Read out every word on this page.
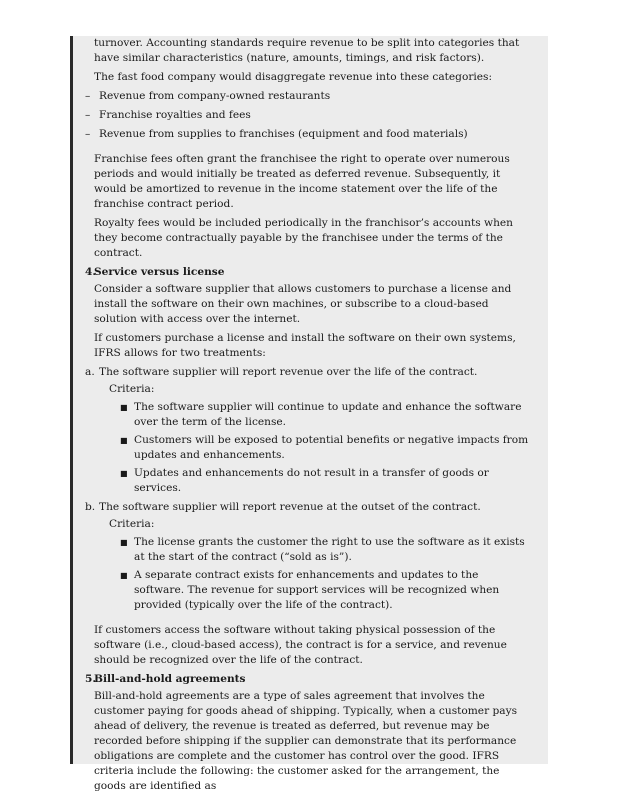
turnover. Accounting standards require revenue to be split into categories that have similar characteristics (nature, amounts, timings, and risk factors).

The fast food company would disaggregate revenue into these categories:

– Revenue from company-owned restaurants
– Franchise royalties and fees
– Revenue from supplies to franchises (equipment and food materials)

Franchise fees often grant the franchisee the right to operate over numerous periods and would initially be treated as deferred revenue. Subsequently, it would be amortized to revenue in the income statement over the life of the franchise contract period.

Royalty fees would be included periodically in the franchisor’s accounts when they become contractually payable by the franchisee under the terms of the contract.

4.
Service versus license

Consider a software supplier that allows customers to purchase a license and install the software on their own machines, or subscribe to a cloud-based solution with access over the internet.

If customers purchase a license and install the software on their own systems, IFRS allows for two treatments:

a. The software supplier will report revenue over the life of the contract.
Criteria:
■ The software supplier will continue to update and enhance the software over the term of the license.
■ Customers will be exposed to potential benefits or negative impacts from updates and enhancements.
■ Updates and enhancements do not result in a transfer of goods or services.
b. The software supplier will report revenue at the outset of the contract.
Criteria:
■ The license grants the customer the right to use the software as it exists at the start of the contract (“sold as is”).
■ A separate contract exists for enhancements and updates to the software. The revenue for support services will be recognized when provided (typically over the life of the contract).

If customers access the software without taking physical possession of the software (i.e., cloud-based access), the contract is for a service, and revenue should be recognized over the life of the contract.

5.
Bill-and-hold agreements

Bill-and-hold agreements are a type of sales agreement that involves the customer paying for goods ahead of shipping. Typically, when a customer pays ahead of delivery, the revenue is treated as deferred, but revenue may be recorded before shipping if the supplier can demonstrate that its performance obligations are complete and the customer has control over the good. IFRS criteria include the following: the customer asked for the arrangement, the goods are identified as
